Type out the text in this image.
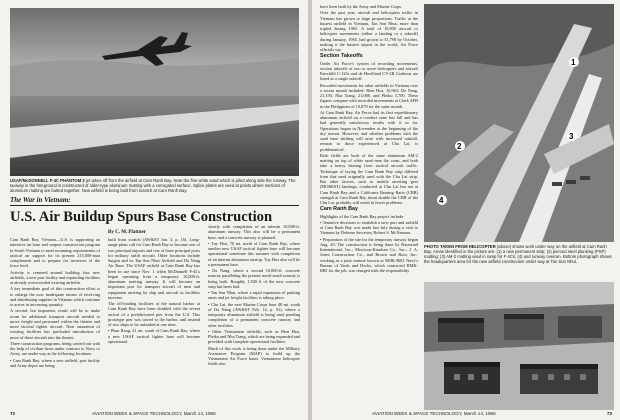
USAF/McDONNELL F-4C PHANTOM 2 jet takes off from the airfield at Cam Ranh Bay. Note the fine white sand which is piled along side the runway. The taxiway in the foreground is constructed of older-type aluminum matting with a corrugated surface. Splice plates are used at points where sections of aluminum matting are butted together. New airfield is being built from scratch at Cam Ranh Bay.
The War in Vietnam:
U.S. Air Buildup Spurs Base Construction
By C. M. Plattner

Cam Ranh Bay, Vietnam—U.S. is supporting an intensive air base and seaport construction program in South Vietnam to meet mounting requirements of tactical air support for its present 215,000-man complement and to prepare for increases of the force level.

Activity is centered around building four new airfields, a new port facility and expanding facilities at already overcrowded existing airfields.

A key immediate goal of this construction effort is to enlarge the now inadequate means of receiving and distributing supplies in Vietnam which continue to arrive in increasing quantity.

A second, but important, result will be to make room for additional transport aircraft needed to move freight and personnel within the theater and more tactical fighter aircraft. Near saturation of existing facilities has precluded introduction of more of these aircraft into the theater.

Three construction programs, being carried out with the help of civilian firms under contract to Navy or Army, are under way at the following locations:

• Cam Ranh Bay, where a new airfield, port facility and Army depot are being

built from scratch (AW&ST Jan. 3, p. 16). Long-range plans call for Cam Ranh Bay to become one of two principal airports and one of three principal ports for military airlift aircraft. Other locations include Saigon and its Tan Son Nhut Airfield and Da Nang Air Base. The USAF airfield at Cam Ranh Bay has been in use since Nov. 1 when McDonnell F-4Cs began operating from a temporary 10,000-ft. aluminum matting runway. It will become an important port for transport aircraft of men and equipment arriving by ship and aircraft as facilities increase.

The off-loading facilities at the natural harbor at Cam Ranh Bay have been doubled with the recent arrival of a prefabricated pier from the U.S. This prototype pier was towed to the harbor, and instead of two ships to be unloaded at one time.

• Phan Rang, 21 mi. south of Cam Ranh Bay, where a new USAF tactical fighter base will become operational

shortly with completion of an interim 10,000-ft. aluminum runway. This also will be a permanent base, and a concrete runway is planned.

• Tuy Hoa, 70 mi. north of Cam Ranh Bay, where another new USAF tactical fighter base will become operational sometime this summer with completion of an interim aluminum airstrip. Tuy Hoa also will be a permanent base.

• Da Nang, where a second 10,000-ft. concrete runway paralleling the present north-south runway is being built. Roughly 1,500 ft of the new concrete strip has been laid.

• Tan Son Nhut, where a rapid expansion of parking areas and jet freight facilities is taking place.

• Chu Lai, the new Marine Corps base 48 mi. south of Da Nang (AW&ST Feb. 14, p. 91), where a temporary aluminum airfield is being used pending completion of a permanent concrete runway and other facilities.

• Other Vietnamese airfields, such as Bien Hoa, Pleiku and Nha Trang, which are being expanded and provided with complete operational facilities.

Much of this work is being done under the Military Assistance Program (MAP) to build up the Vietnamese Air Force bases. Vietnamese helicopter fields also

72	AVIATION WEEK & SPACE TECHNOLOGY, March 14, 1966

have been built by the Army and Marine Corps.

Over the past year, aircraft and helicopters traffic in Vietnam has grown to large proportions. Traffic at the busiest airfield in Vietnam, Tan Son Nhut, more than tripled during 1965. A total of 10,000 aircraft or helicopter movements (either a landing or a takeoff) during January, 1965, had grown to 31,798 by October, making it the busiest airport in the world, Air Force officials say.

Section Takeoffs

Under Air Force's system of recording movements, section takeoffs of two or more helicopters and aircraft Fairchild C-123s and de Havilland CV-2B Caribous are listed as a single takeoff.

Recorded movements for other airfields in Vietnam over a recent month included: Bien Hoa, 10,963; Da Nang, 21,150; Nha Trang, 21,088, and Pleiku 5,700. These figures compare with recorded movements at Clark AFB in the Philippines of 10,879 for the same month.

At Cam Ranh Bay, Air Force had its first expeditionary aluminum airfield on a conduct zone last fall and has had generally satisfactory results with it so far. Operations began in November at the beginning of the dry season. However, and whether problems with the sand base shifting will arise with increased rainfall, remain to those experienced at Chu Lai, is problematical.

Both fields are built of the same aluminum AM-2 matting on top of white sand near the coast, and both take a heavy beating from tactical aircraft traffic. Technique of laying the Cam Ranh Bay strip differed from that used originally used with the Chu Lai strip. But other factors, such as mobile arresting gear (MOREST) landings, conducted at Chu Lai but not at Cam Ranh Bay and a California Bearing Ratio (CBR) strength at Cam Ranh Bay about double the CBR of the Chu Lai, probably will result in fewer problems.

Cam Ranh Bay

Highlights of the Cam Ranh Bay project include:

• Tentative decisions to establish a new port and airfield at Cam Ranh Bay was made last July during a visit to Vietnam by Defense Secretary Robert S. McNamara.

• Preparation of the site for the temporary runway began Aug. 20. The construction is being done by Raymond International, Inc.; Morrison-Knudsen Co., Inc.; J. A. Jones Construction Co., and Brown and Root, Inc., working as a joint venture known as RMK-BRJ. Navy's Bureau of Yards and Docks, which contracted RMK-BRJ for the job, was charged with the responsibility

1
2
3
4
PHOTO TAKEN FROM HELICOPTER (above) shows work under way on the airfield at Cam Ranh Bay. Areas identified in the picture are: (1) a new permanent strip; (2) pierced steel planking (PSP) matting; (3) AM-2 matting used in ramp for F-4Cs; (4) and runway overrun. Bottom photograph shows the headquarters area for the new airfield construction under way at Tan Son Nhut.
AVIATION WEEK & SPACE TECHNOLOGY, March 14, 1966	73
